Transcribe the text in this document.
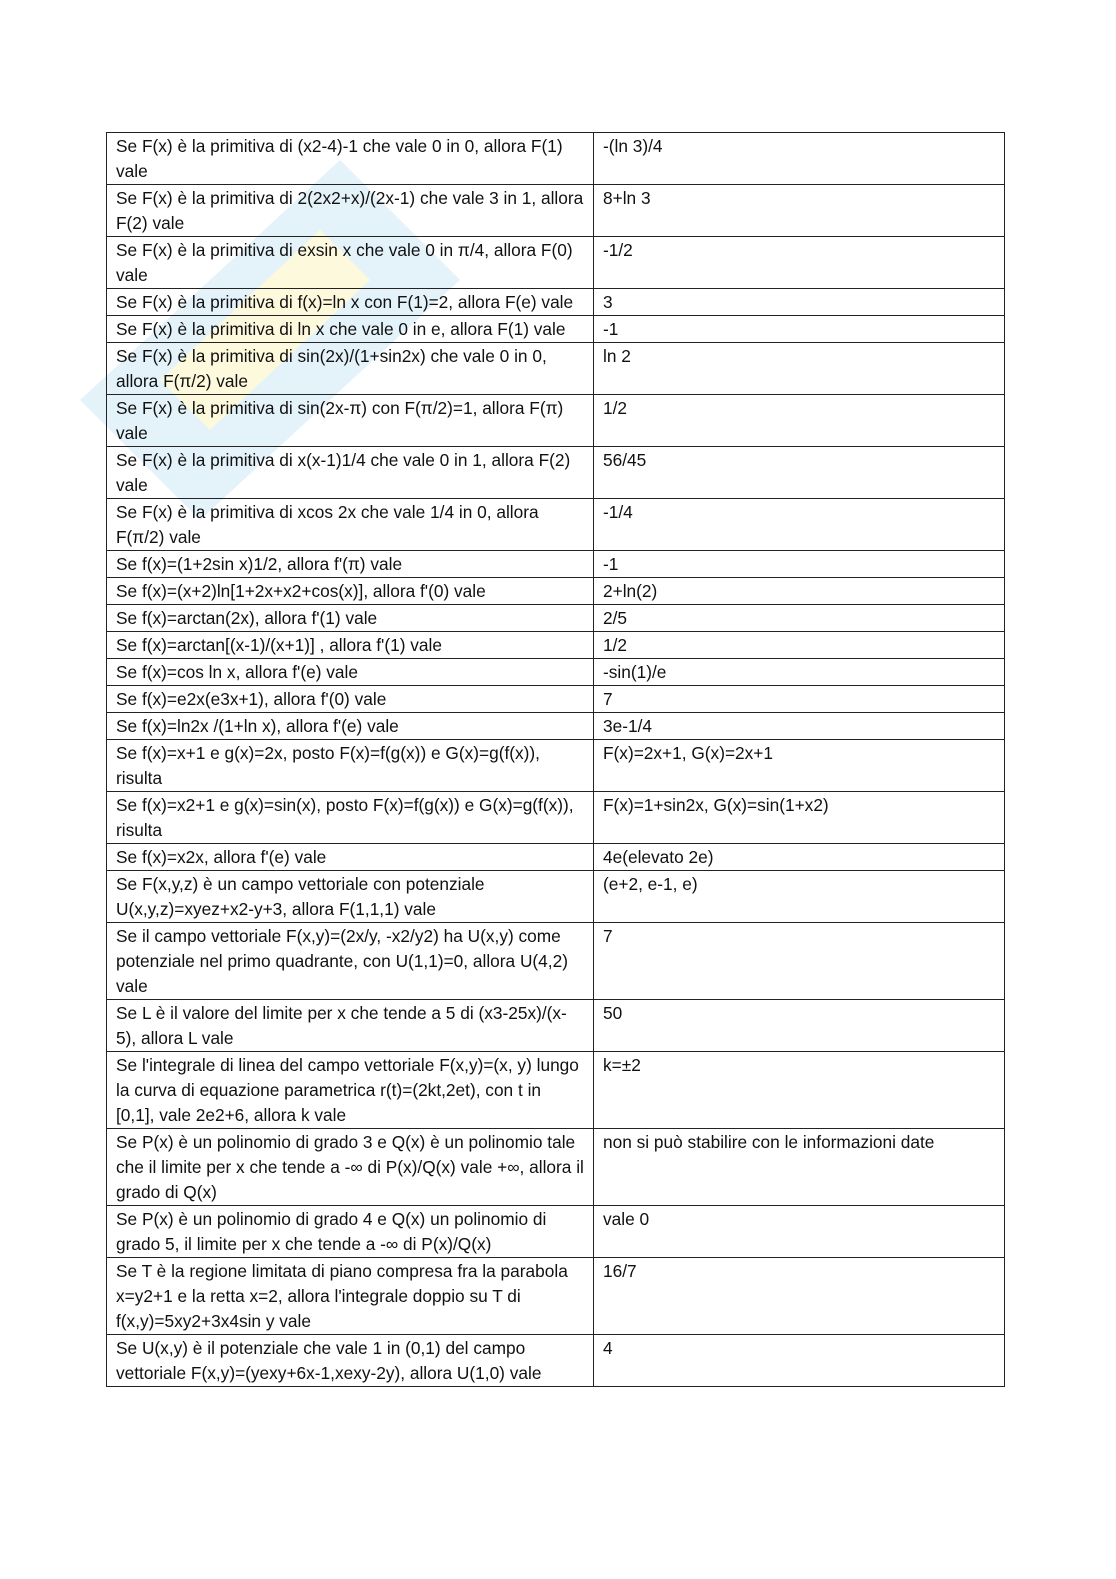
Se F(x) è la primitiva di (x2-4)-1 che vale 0 in 0, allora F(1) vale	-(ln 3)/4
Se F(x) è la primitiva di 2(2x2+x)/(2x-1) che vale 3 in 1, allora F(2) vale	8+ln 3
Se F(x) è la primitiva di exsin x che vale 0 in π/4, allora F(0) vale	-1/2
Se F(x) è la primitiva di f(x)=ln x con F(1)=2, allora F(e) vale	3
Se F(x) è la primitiva di ln x che vale 0 in e, allora F(1) vale	-1
Se F(x) è la primitiva di sin(2x)/(1+sin2x) che vale 0 in 0, allora F(π/2) vale	ln 2
Se F(x) è la primitiva di sin(2x-π) con F(π/2)=1, allora F(π) vale	1/2
Se F(x) è la primitiva di x(x-1)1/4 che vale 0 in 1, allora F(2) vale	56/45
Se F(x) è la primitiva di xcos 2x che vale 1/4 in 0, allora F(π/2) vale	-1/4
Se f(x)=(1+2sin x)1/2, allora f'(π) vale	-1
Se f(x)=(x+2)ln[1+2x+x2+cos(x)], allora f'(0) vale	2+ln(2)
Se f(x)=arctan(2x), allora f'(1) vale	2/5
Se f(x)=arctan[(x-1)/(x+1)] , allora f'(1) vale	1/2
Se f(x)=cos ln x, allora f'(e) vale	-sin(1)/e
Se f(x)=e2x(e3x+1), allora f'(0) vale	7
Se f(x)=ln2x /(1+ln x), allora f'(e) vale	3e-1/4
Se f(x)=x+1 e g(x)=2x, posto F(x)=f(g(x)) e G(x)=g(f(x)), risulta	F(x)=2x+1, G(x)=2x+1
Se f(x)=x2+1 e g(x)=sin(x), posto F(x)=f(g(x)) e G(x)=g(f(x)), risulta	F(x)=1+sin2x, G(x)=sin(1+x2)
Se f(x)=x2x, allora f'(e) vale	4e(elevato 2e)
Se F(x,y,z) è un campo vettoriale con potenziale U(x,y,z)=xyez+x2-y+3, allora F(1,1,1) vale	(e+2, e-1, e)
Se il campo vettoriale F(x,y)=(2x/y, -x2/y2) ha U(x,y) come potenziale nel primo quadrante, con U(1,1)=0, allora U(4,2) vale	7
Se L è il valore del limite per x che tende a 5 di (x3-25x)/(x-5), allora L vale	50
Se l'integrale di linea del campo vettoriale F(x,y)=(x, y) lungo la curva di equazione parametrica r(t)=(2kt,2et), con t in [0,1], vale 2e2+6, allora k vale	k=±2
Se P(x) è un polinomio di grado 3 e Q(x) è un polinomio tale che il limite per x che tende a -∞ di P(x)/Q(x) vale +∞, allora il grado di Q(x)	non si può stabilire con le informazioni date
Se P(x) è un polinomio di grado 4 e Q(x) un polinomio di grado 5, il limite per x che tende a -∞ di P(x)/Q(x)	vale 0
Se T è la regione limitata di piano compresa fra la parabola x=y2+1 e la retta x=2, allora l'integrale doppio su T di f(x,y)=5xy2+3x4sin y vale	16/7
Se U(x,y) è il potenziale che vale 1 in (0,1) del campo vettoriale F(x,y)=(yexy+6x-1,xexy-2y), allora U(1,0) vale	4
